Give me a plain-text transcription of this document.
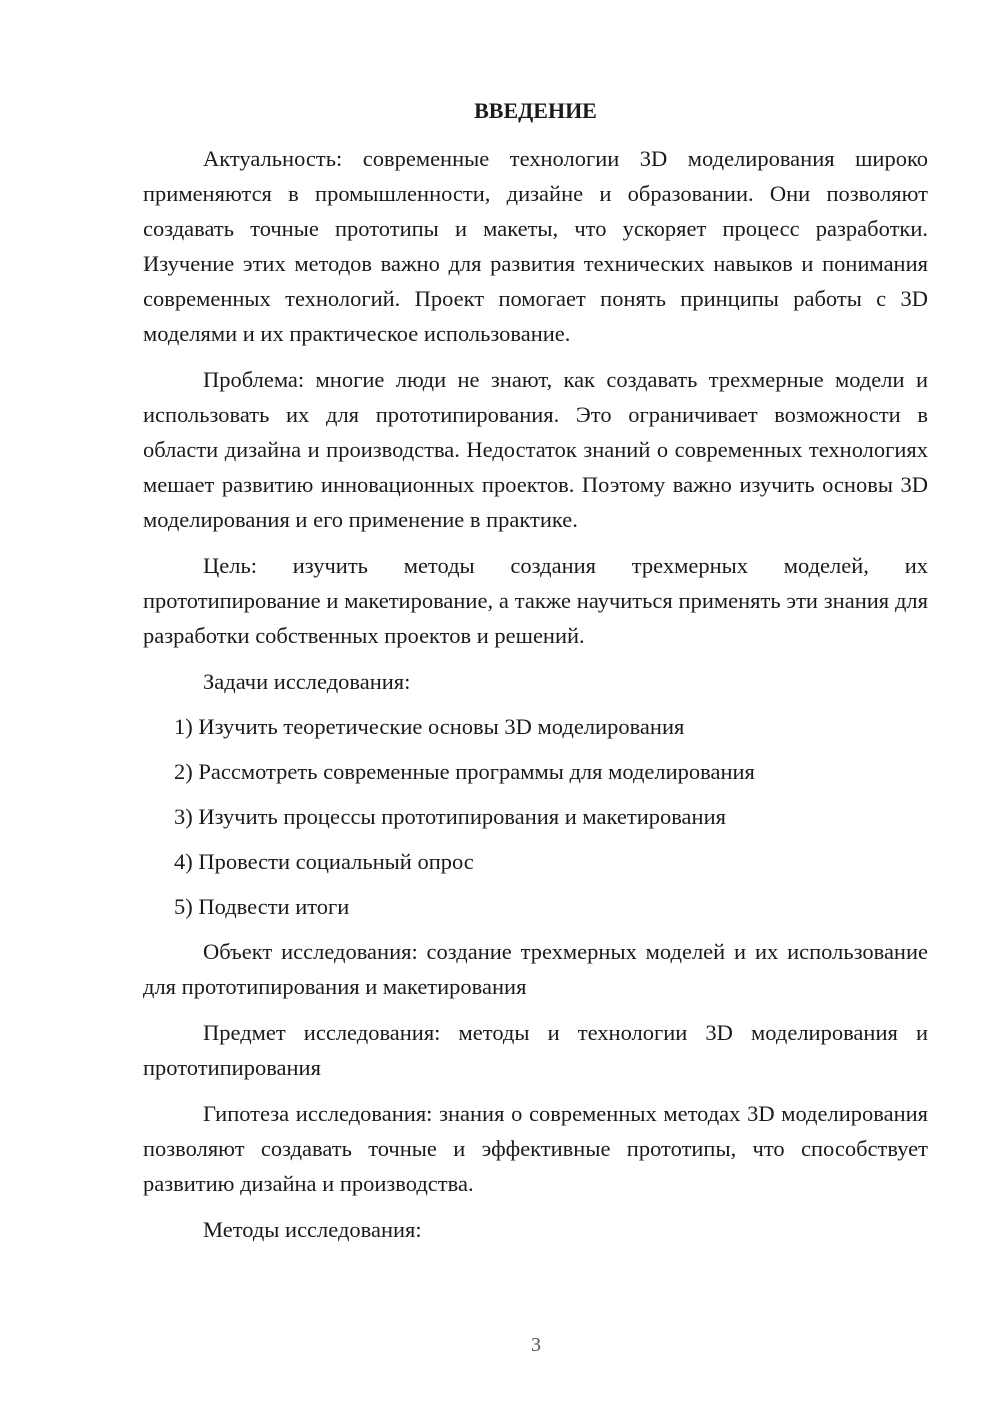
ВВЕДЕНИЕ

Актуальность: современные технологии 3D моделирования широко применяются в промышленности, дизайне и образовании. Они позволяют создавать точные прототипы и макеты, что ускоряет процесс разработки. Изучение этих методов важно для развития технических навыков и понимания современных технологий. Проект помогает понять принципы работы с 3D моделями и их практическое использование.

Проблема: многие люди не знают, как создавать трехмерные модели и использовать их для прототипирования. Это ограничивает возможности в области дизайна и производства. Недостаток знаний о современных технологиях мешает развитию инновационных проектов. Поэтому важно изучить основы 3D моделирования и его применение в практике.

Цель: изучить методы создания трехмерных моделей, их прототипирование и макетирование, а также научиться применять эти знания для разработки собственных проектов и решений.

Задачи исследования:

1) Изучить теоретические основы 3D моделирования
2) Рассмотреть современные программы для моделирования
3) Изучить процессы прототипирования и макетирования
4) Провести социальный опрос
5) Подвести итоги

Объект исследования: создание трехмерных моделей и их использование для прототипирования и макетирования

Предмет исследования: методы и технологии 3D моделирования и прототипирования

Гипотеза исследования: знания о современных методах 3D моделирования позволяют создавать точные и эффективные прототипы, что способствует развитию дизайна и производства.

Методы исследования:

3
